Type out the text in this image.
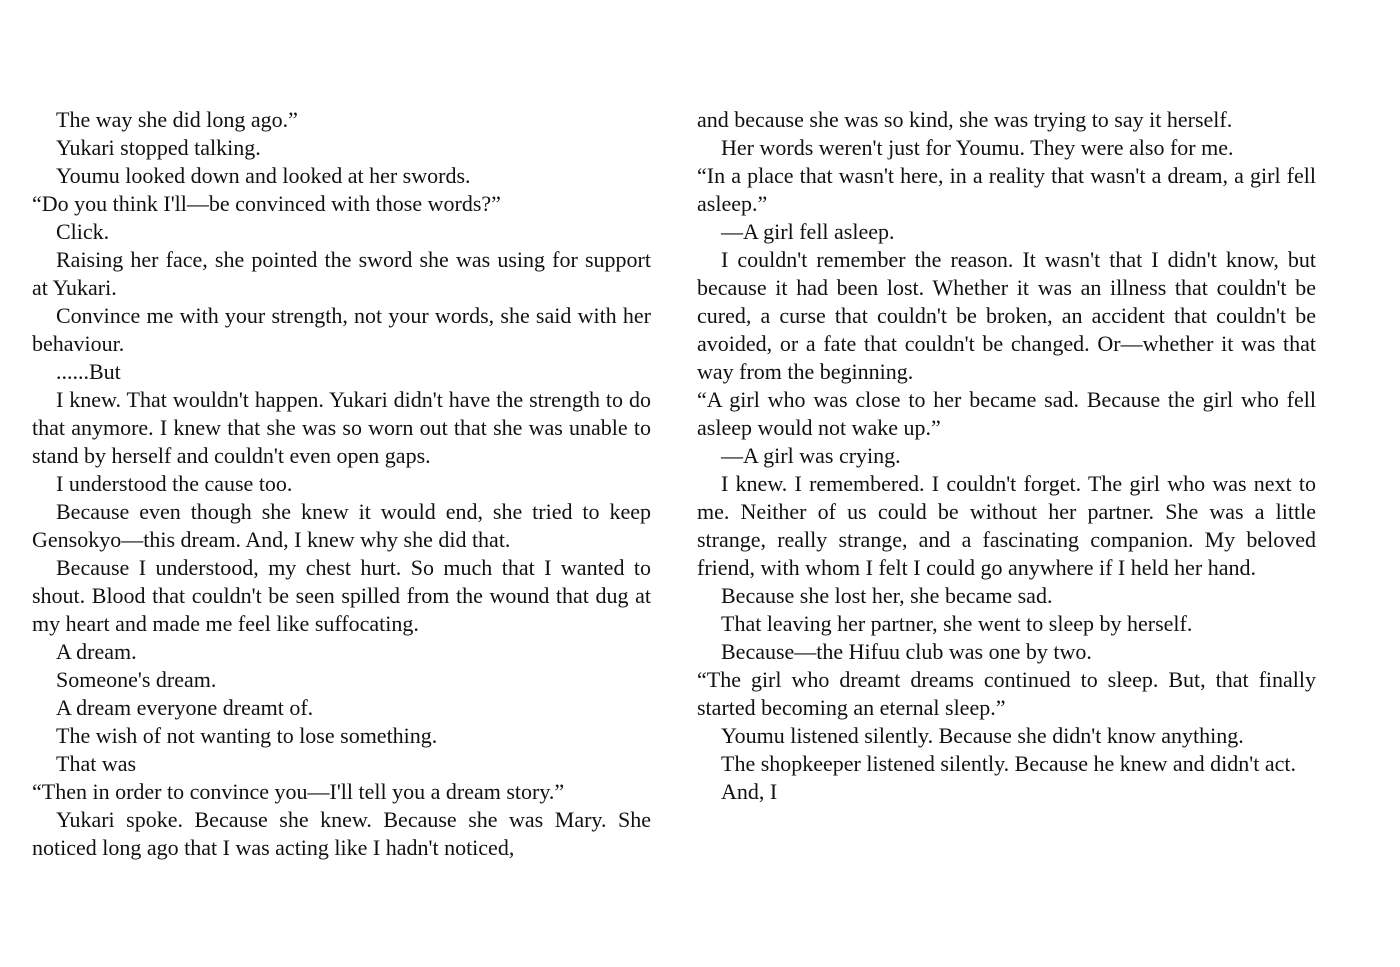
The way she did long ago.”

Yukari stopped talking.

Youmu looked down and looked at her swords.

“Do you think I'll—be convinced with those words?”

Click.

Raising her face, she pointed the sword she was using for support at Yukari.

Convince me with your strength, not your words, she said with her behaviour.

......But

I knew. That wouldn't happen. Yukari didn't have the strength to do that anymore. I knew that she was so worn out that she was unable to stand by herself and couldn't even open gaps.

I understood the cause too.

Because even though she knew it would end, she tried to keep Gensokyo—this dream. And, I knew why she did that.

Because I understood, my chest hurt. So much that I wanted to shout. Blood that couldn't be seen spilled from the wound that dug at my heart and made me feel like suffocating.

A dream.

Someone's dream.

A dream everyone dreamt of.

The wish of not wanting to lose something.

That was

“Then in order to convince you—I'll tell you a dream story.”

Yukari spoke. Because she knew. Because she was Mary. She noticed long ago that I was acting like I hadn't noticed,

and because she was so kind, she was trying to say it herself.

Her words weren't just for Youmu. They were also for me.

“In a place that wasn't here, in a reality that wasn't a dream, a girl fell asleep.”

—A girl fell asleep.

I couldn't remember the reason. It wasn't that I didn't know, but because it had been lost. Whether it was an illness that couldn't be cured, a curse that couldn't be broken, an accident that couldn't be avoided, or a fate that couldn't be changed. Or—whether it was that way from the beginning.

“A girl who was close to her became sad. Because the girl who fell asleep would not wake up.”

—A girl was crying.

I knew. I remembered. I couldn't forget. The girl who was next to me. Neither of us could be without her partner. She was a little strange, really strange, and a fascinating companion. My beloved friend, with whom I felt I could go anywhere if I held her hand.

Because she lost her, she became sad.

That leaving her partner, she went to sleep by herself.

Because—the Hifuu club was one by two.

“The girl who dreamt dreams continued to sleep. But, that finally started becoming an eternal sleep.”

Youmu listened silently. Because she didn't know anything.

The shopkeeper listened silently. Because he knew and didn't act.

And, I
